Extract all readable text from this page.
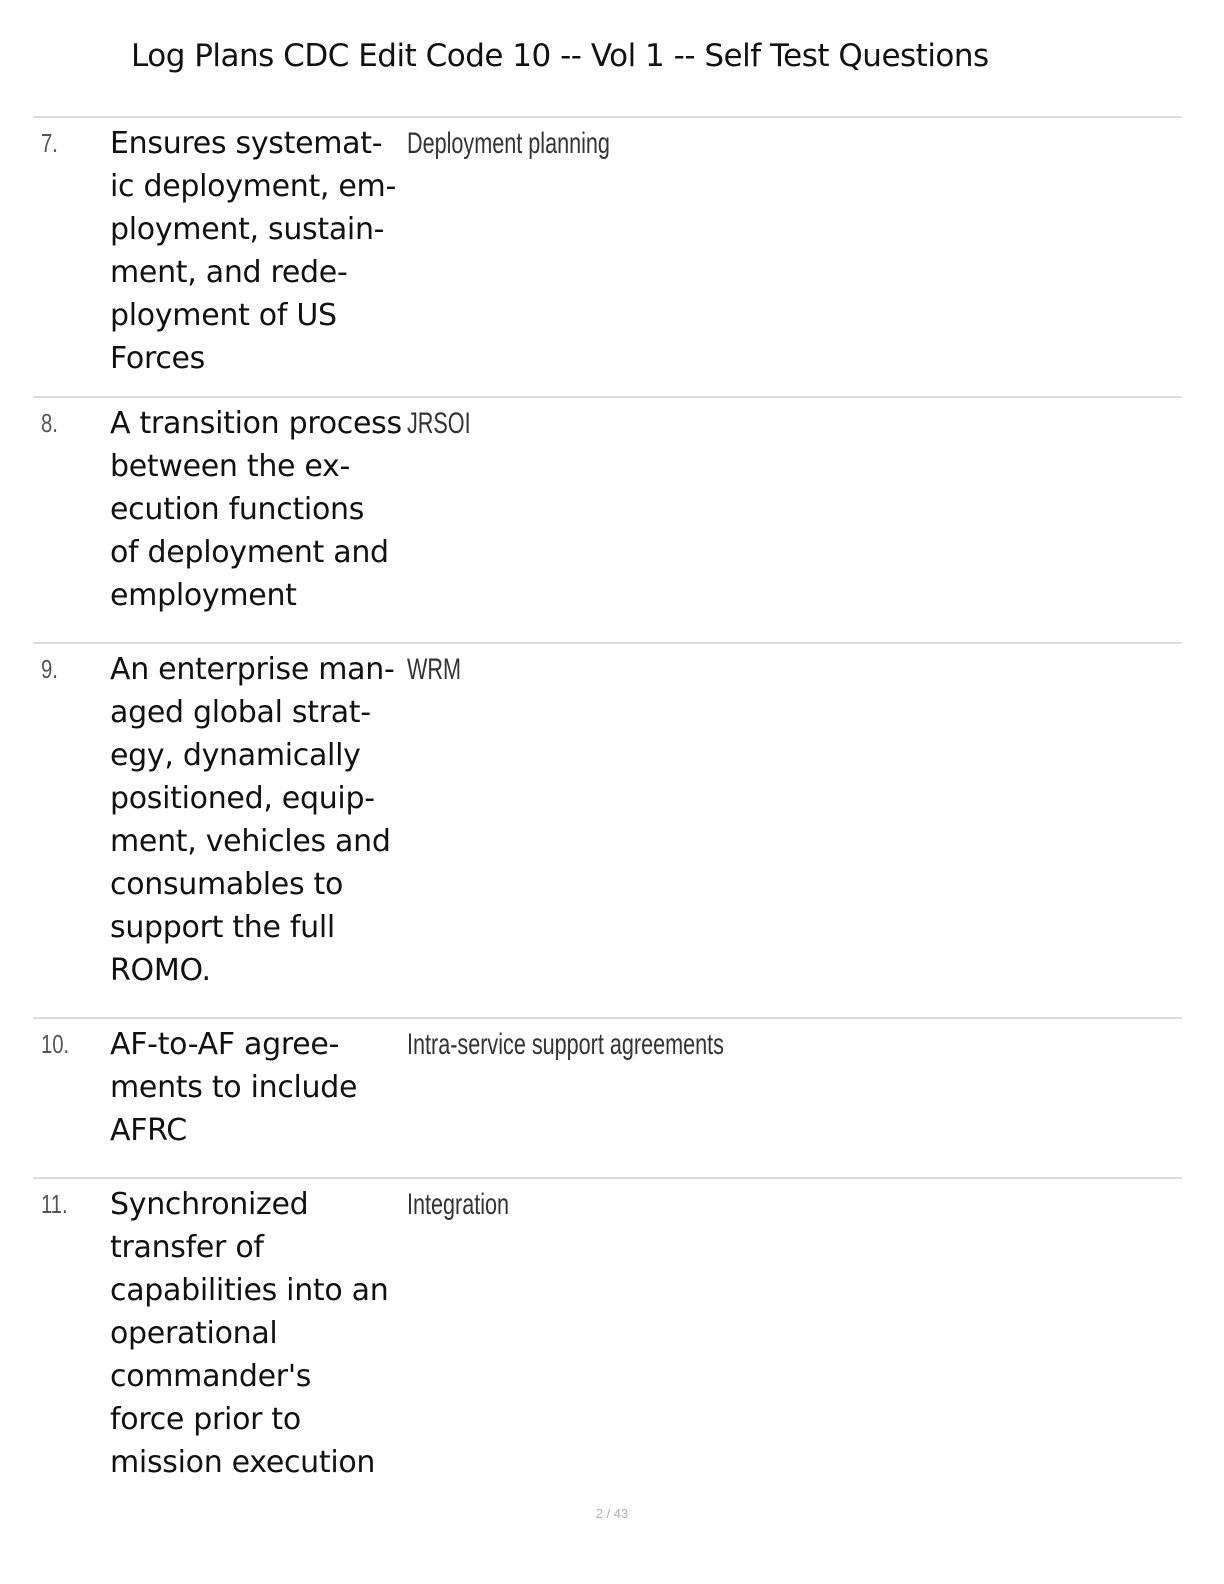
Log Plans CDC Edit Code 10 -- Vol 1 -- Self Test Questions
7. Ensures systemat-
ic deployment, em-
ployment, sustain-
ment, and rede-
ployment of US
Forces
Deployment planning
8. A transition process
between the ex-
ecution functions
of deployment and
employment
JRSOI
9. An enterprise man-
aged global strat-
egy, dynamically
positioned, equip-
ment, vehicles and
consumables to
support the full
ROMO.
WRM
10. AF-to-AF agree-
ments to include
AFRC
Intra-service support agreements
11. Synchronized
transfer of
capabilities into an
operational
commander's
force prior to
mission execution
Integration
2 / 43
